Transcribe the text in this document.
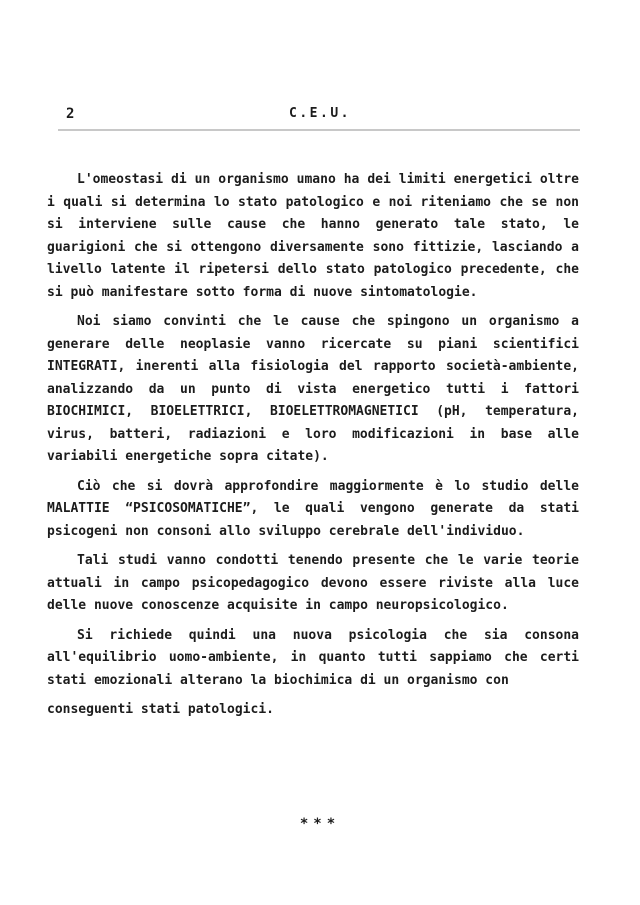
2	C.E.U.
L'omeostasi di un organismo umano ha dei limiti energetici oltre
i quali si determina lo stato patologico e noi riteniamo che se non
si interviene sulle cause che hanno generato tale stato, le
guarigioni che si ottengono diversamente sono fittizie, lasciando a
livello latente il ripetersi dello stato patologico precedente, che
si può manifestare sotto forma di nuove sintomatologie.
Noi siamo convinti che le cause che spingono un organismo a
generare delle neoplasie vanno ricercate su piani scientifici
INTEGRATI, inerenti alla fisiologia del rapporto società-ambiente,
analizzando da un punto di vista energetico tutti i fattori
BIOCHIMICI, BIOELETTRICI, BIOELETTROMAGNETICI (pH, temperatura,
virus, batteri, radiazioni e loro modificazioni in base alle
variabili energetiche sopra citate).
Ciò che si dovrà approfondire maggiormente è lo studio delle
MALATTIE “PSICOSOMATICHE”, le quali vengono generate da stati
psicogeni non consoni allo sviluppo cerebrale dell'individuo.
Tali studi vanno condotti tenendo presente che le varie teorie
attuali in campo psicopedagogico devono essere riviste alla luce
delle nuove conoscenze acquisite in campo neuropsicologico.
Si richiede quindi una nuova psicologia che sia consona
all'equilibrio uomo-ambiente, in quanto tutti sappiamo che certi
stati emozionali alterano la biochimica di un organismo con
conseguenti stati patologici.
***
